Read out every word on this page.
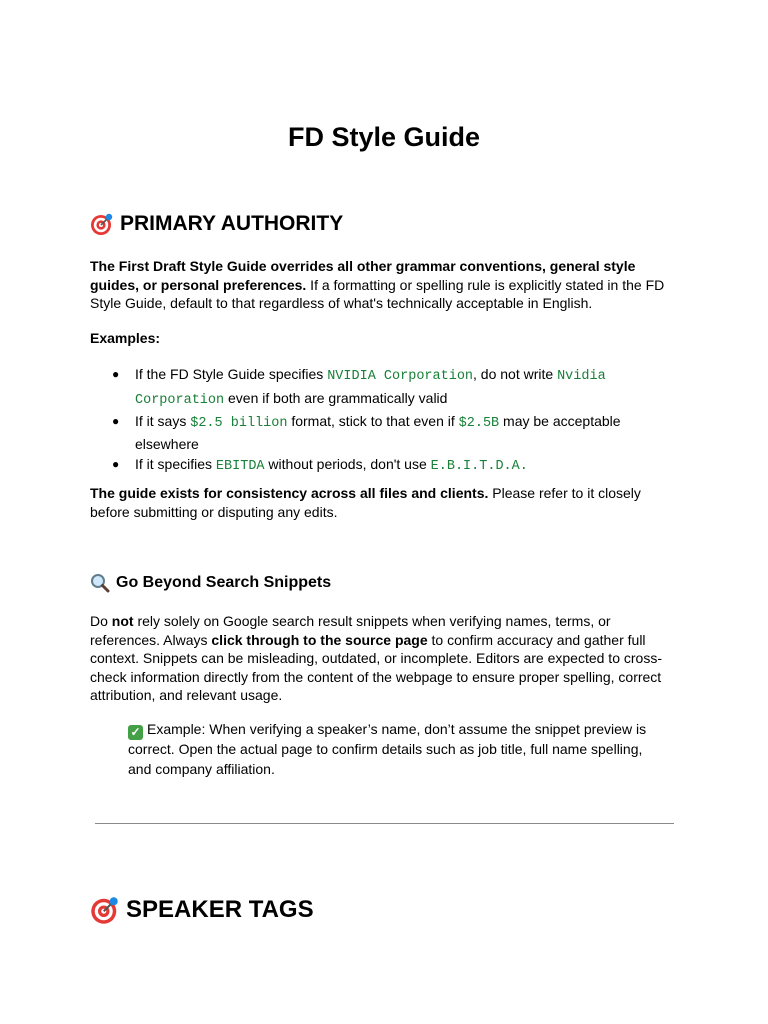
FD Style Guide
PRIMARY AUTHORITY

The First Draft Style Guide overrides all other grammar conventions, general style guides, or personal preferences. If a formatting or spelling rule is explicitly stated in the FD Style Guide, default to that regardless of what's technically acceptable in English.

Examples:

● If the FD Style Guide specifies NVIDIA Corporation, do not write Nvidia Corporation even if both are grammatically valid
● If it says $2.5 billion format, stick to that even if $2.5B may be acceptable elsewhere
● If it specifies EBITDA without periods, don't use E.B.I.T.D.A.

The guide exists for consistency across all files and clients. Please refer to it closely before submitting or disputing any edits.

Go Beyond Search Snippets

Do not rely solely on Google search result snippets when verifying names, terms, or references. Always click through to the source page to confirm accuracy and gather full context. Snippets can be misleading, outdated, or incomplete. Editors are expected to cross-check information directly from the content of the webpage to ensure proper spelling, correct attribution, and relevant usage.

✓ Example: When verifying a speaker’s name, don’t assume the snippet preview is correct. Open the actual page to confirm details such as job title, full name spelling, and company affiliation.

SPEAKER TAGS
